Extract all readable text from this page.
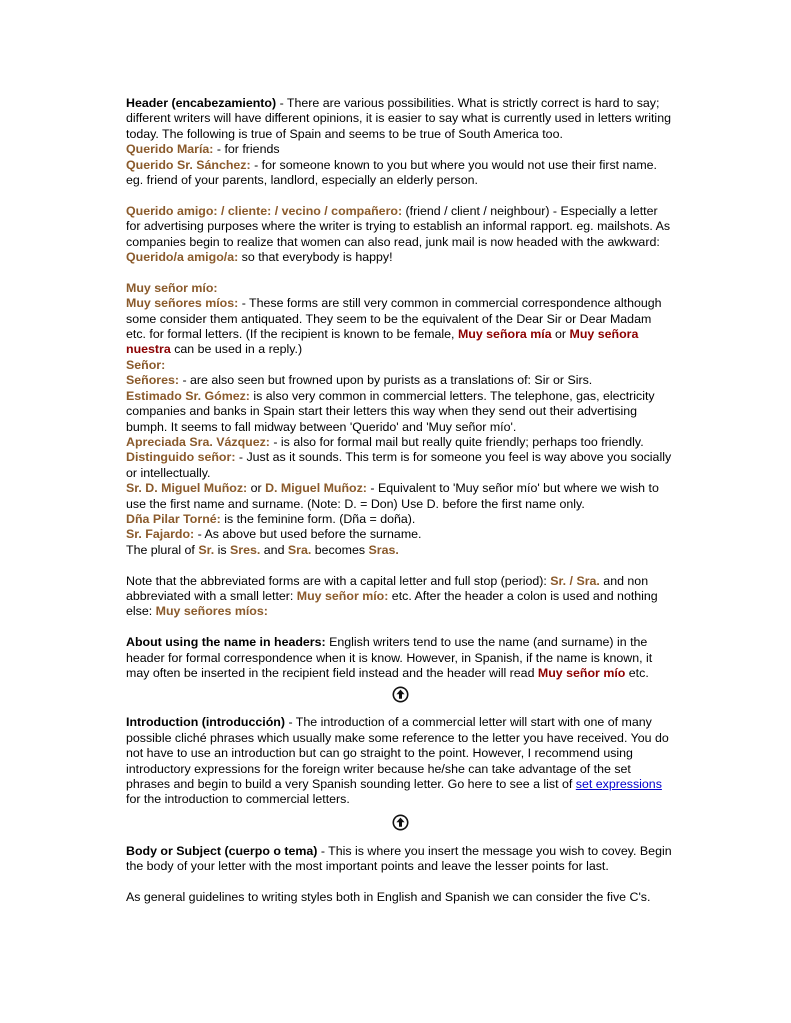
Header (encabezamiento) - There are various possibilities. What is strictly correct is hard to say; different writers will have different opinions, it is easier to say what is currently used in letters writing today. The following is true of Spain and seems to be true of South America too.

Querido María: - for friends

Querido Sr. Sánchez: - for someone known to you but where you would not use their first name. eg. friend of your parents, landlord, especially an elderly person.

Querido amigo: / cliente: / vecino / compañero: (friend / client / neighbour) - Especially a letter for advertising purposes where the writer is trying to establish an informal rapport. eg. mailshots. As companies begin to realize that women can also read, junk mail is now headed with the awkward:

Querido/a amigo/a: so that everybody is happy!

Muy señor mío:

Muy señores míos: - These forms are still very common in commercial correspondence although some consider them antiquated. They seem to be the equivalent of the Dear Sir or Dear Madam etc. for formal letters. (If the recipient is known to be female, Muy señora mía or Muy señora nuestra can be used in a reply.)

Señor:

Señores: - are also seen but frowned upon by purists as a translations of: Sir or Sirs.

Estimado Sr. Gómez: is also very common in commercial letters. The telephone, gas, electricity companies and banks in Spain start their letters this way when they send out their advertising bumph. It seems to fall midway between 'Querido' and 'Muy señor mío'.

Apreciada Sra. Vázquez: - is also for formal mail but really quite friendly; perhaps too friendly.

Distinguido señor: - Just as it sounds. This term is for someone you feel is way above you socially or intellectually.

Sr. D. Miguel Muñoz: or D. Miguel Muñoz: - Equivalent to 'Muy señor mío' but where we wish to use the first name and surname. (Note: D. = Don) Use D. before the first name only.

Dña Pilar Torné: is the feminine form. (Dña = doña).

Sr. Fajardo: - As above but used before the surname.

The plural of Sr. is Sres. and Sra. becomes Sras.

Note that the abbreviated forms are with a capital letter and full stop (period): Sr. / Sra. and non abbreviated with a small letter: Muy señor mío: etc. After the header a colon is used and nothing else: Muy señores míos:

About using the name in headers: English writers tend to use the name (and surname) in the header for formal correspondence when it is know. However, in Spanish, if the name is known, it may often be inserted in the recipient field instead and the header will read Muy señor mío etc.

Introduction (introducción) - The introduction of a commercial letter will start with one of many possible cliché phrases which usually make some reference to the letter you have received. You do not have to use an introduction but can go straight to the point. However, I recommend using introductory expressions for the foreign writer because he/she can take advantage of the set phrases and begin to build a very Spanish sounding letter. Go here to see a list of set expressions for the introduction to commercial letters.

Body or Subject (cuerpo o tema) - This is where you insert the message you wish to covey. Begin the body of your letter with the most important points and leave the lesser points for last.

As general guidelines to writing styles both in English and Spanish we can consider the five C's.
